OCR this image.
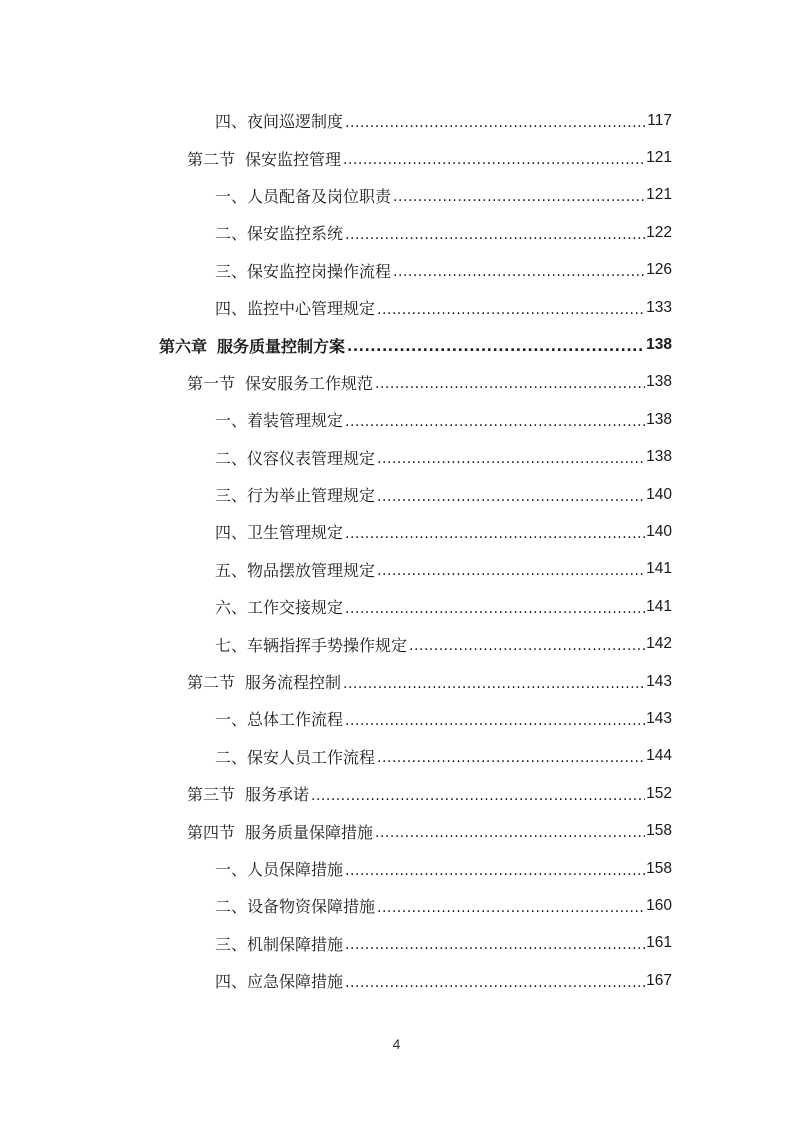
四、夜间巡逻制度 .....	117
第二节 保安监控管理 .....	121
一、人员配备及岗位职责 .....	121
二、保安监控系统 .....	122
三、保安监控岗操作流程 .....	126
四、监控中心管理规定 .....	133
第六章 服务质量控制方案 .....	138
第一节 保安服务工作规范 .....	138
一、着装管理规定 .....	138
二、仪容仪表管理规定 .....	138
三、行为举止管理规定 .....	140
四、卫生管理规定 .....	140
五、物品摆放管理规定 .....	141
六、工作交接规定 .....	141
七、车辆指挥手势操作规定 .....	142
第二节 服务流程控制 .....	143
一、总体工作流程 .....	143
二、保安人员工作流程 .....	144
第三节 服务承诺 .....	152
第四节 服务质量保障措施 .....	158
一、人员保障措施 .....	158
二、设备物资保障措施 .....	160
三、机制保障措施 .....	161
四、应急保障措施 .....	167
4
